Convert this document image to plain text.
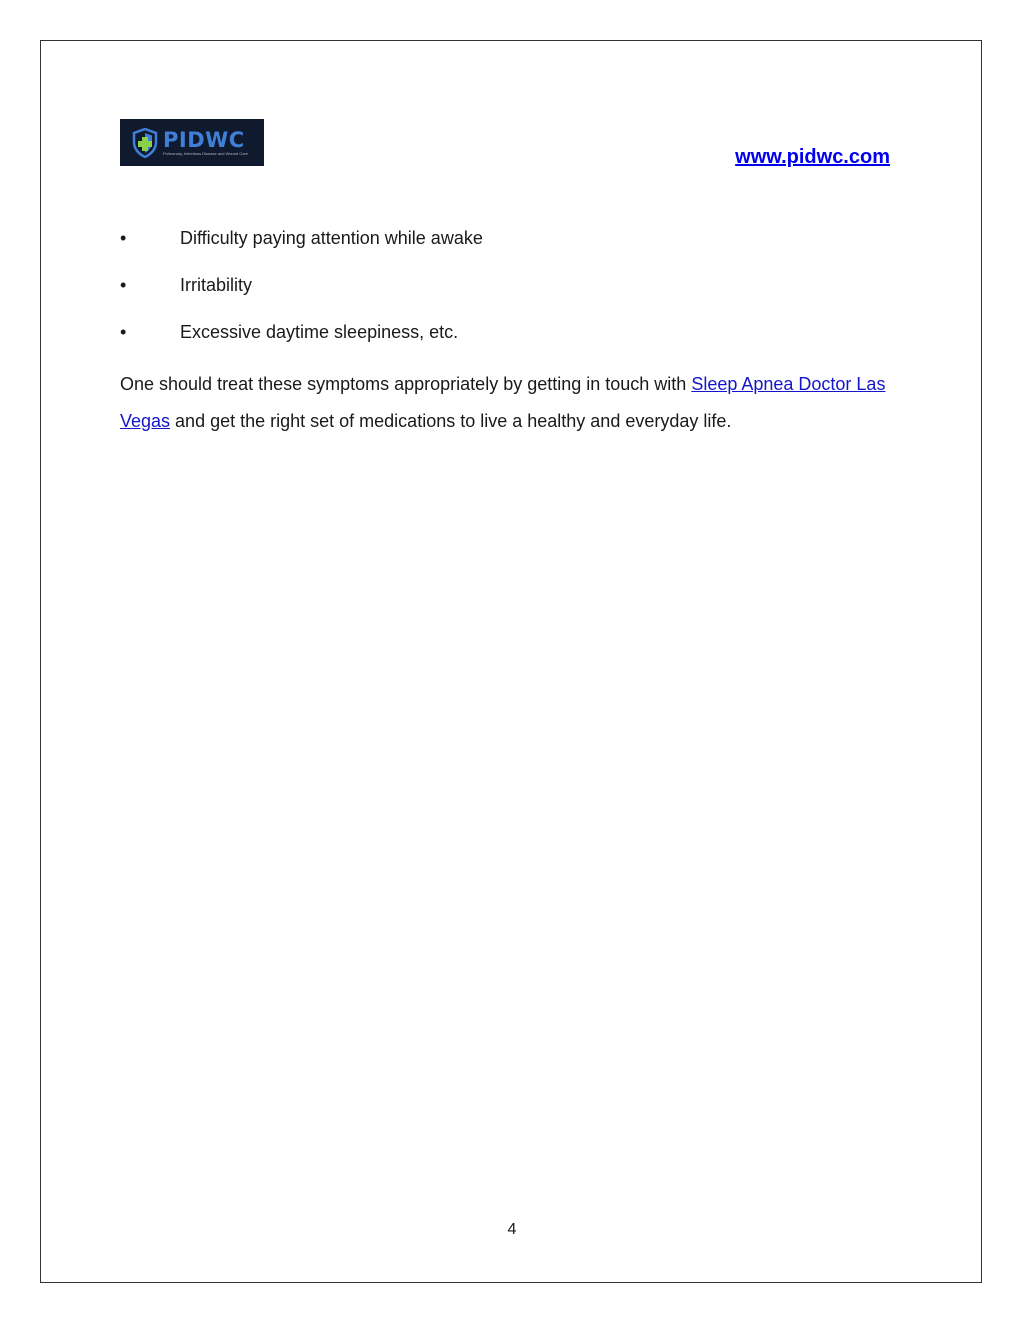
PIDWC
Pulmonary, Infectious Disease and Wound Care	www.pidwc.com
•	Difficulty paying attention while awake
•	Irritability
•	Excessive daytime sleepiness, etc.

One should treat these symptoms appropriately by getting in touch with Sleep Apnea Doctor Las Vegas and get the right set of medications to live a healthy and everyday life.

4
